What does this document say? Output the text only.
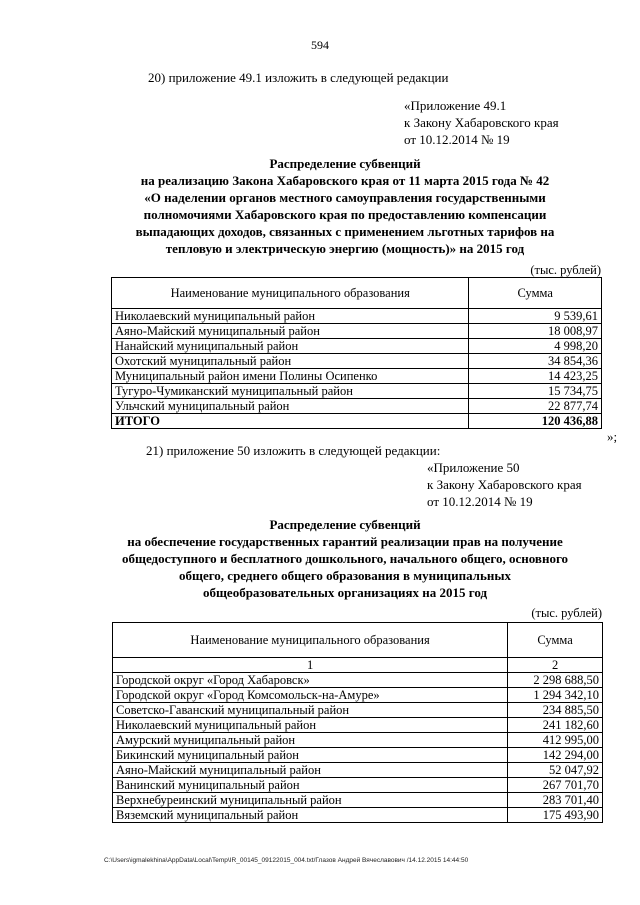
594
20) приложение 49.1 изложить в следующей редакции
«Приложение 49.1
к Закону Хабаровского края
от 10.12.2014 № 19
Распределение субвенций
на реализацию Закона Хабаровского края от 11 марта 2015 года № 42
«О наделении органов местного самоуправления государственными
полномочиями Хабаровского края по предоставлению компенсации
выпадающих доходов, связанных с применением льготных тарифов на
тепловую и электрическую энергию (мощность)» на 2015 год
(тыс. рублей)
Наименование муниципального образования	Сумма
Николаевский муниципальный район	9 539,61
Аяно-Майский муниципальный район	18 008,97
Нанайский муниципальный район	4 998,20
Охотский муниципальный район	34 854,36
Муниципальный район имени Полины Осипенко	14 423,25
Тугуро-Чумиканский муниципальный район	15 734,75
Ульчский муниципальный район	22 877,74
ИТОГО	120 436,88
»;
21) приложение 50 изложить в следующей редакции:
«Приложение 50
к Закону Хабаровского края
от 10.12.2014 № 19
Распределение субвенций
на обеспечение государственных гарантий реализации прав на получение
общедоступного и бесплатного дошкольного, начального общего, основного
общего, среднего общего образования в муниципальных
общеобразовательных организациях на 2015 год
(тыс. рублей)
Наименование муниципального образования	Сумма
1	2
Городской округ «Город Хабаровск»	2 298 688,50
Городской округ «Город Комсомольск-на-Амуре»	1 294 342,10
Советско-Гаванский муниципальный район	234 885,50
Николаевский муниципальный район	241 182,60
Амурский муниципальный район	412 995,00
Бикинский муниципальный район	142 294,00
Аяно-Майский муниципальный район	52 047,92
Ванинский муниципальный район	267 701,70
Верхнебуреинский муниципальный район	283 701,40
Вяземский муниципальный район	175 493,90
C:\Users\igmalekhina\AppData\Local\Temp\IR_00145_09122015_004.txt/Глазов Андрей Вячеславович /14.12.2015 14:44:50
